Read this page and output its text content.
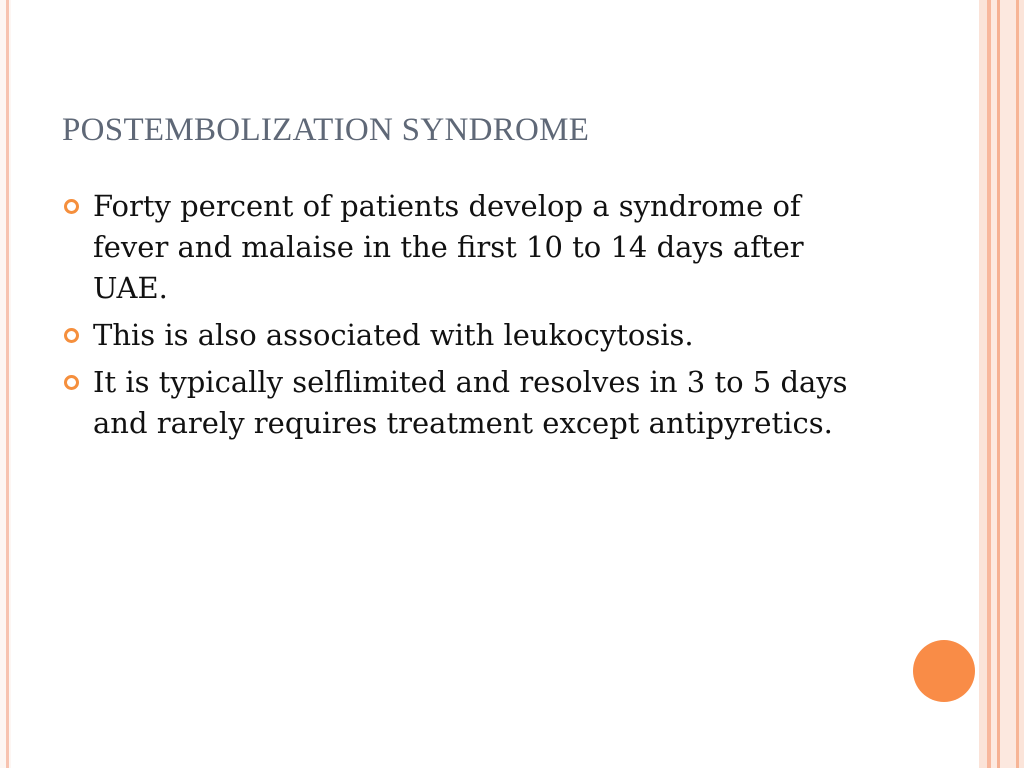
POSTEMBOLIZATION SYNDROME
Forty percent of patients develop a syndrome of fever and malaise in the first 10 to 14 days after UAE.
This is also associated with leukocytosis.
It is typically selflimited and resolves in 3 to 5 days and rarely requires treatment except antipyretics.
